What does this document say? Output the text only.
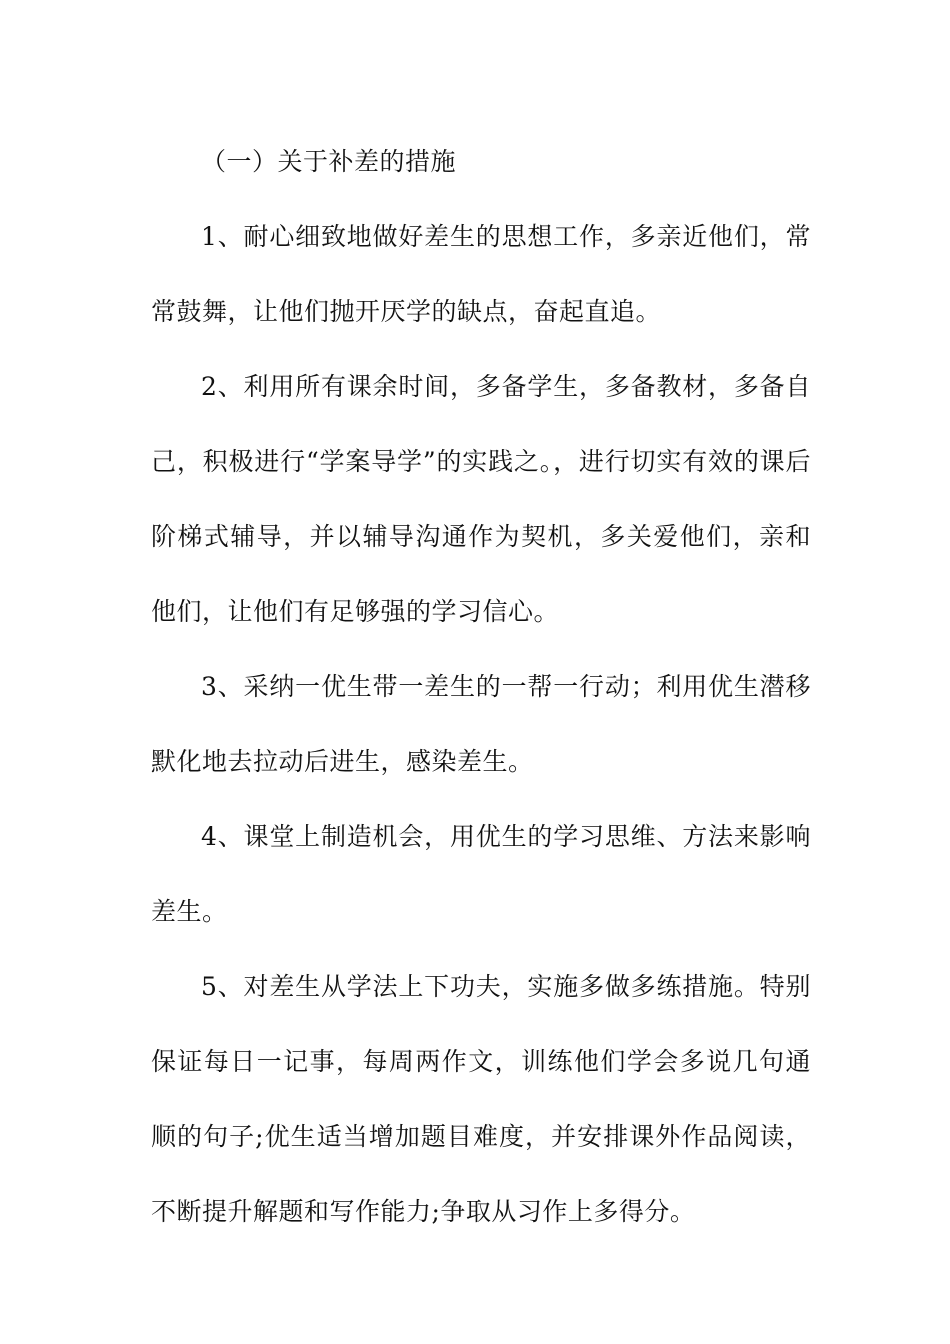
（一）关于补差的措施

1、耐心细致地做好差生的思想工作，多亲近他们，常常鼓舞，让他们抛开厌学的缺点，奋起直追。

2、利用所有课余时间，多备学生，多备教材，多备自己，积极进行“学案导学”的实践之。，进行切实有效的课后阶梯式辅导，并以辅导沟通作为契机，多关爱他们，亲和他们，让他们有足够强的学习信心。

3、采纳一优生带一差生的一帮一行动；利用优生潜移默化地去拉动后进生，感染差生。

4、课堂上制造机会，用优生的学习思维、方法来影响差生。

5、对差生从学法上下功夫，实施多做多练措施。特别保证每日一记事，每周两作文，训练他们学会多说几句通顺的句子;优生适当增加题目难度，并安排课外作品阅读，不断提升解题和写作能力;争取从习作上多得分。
